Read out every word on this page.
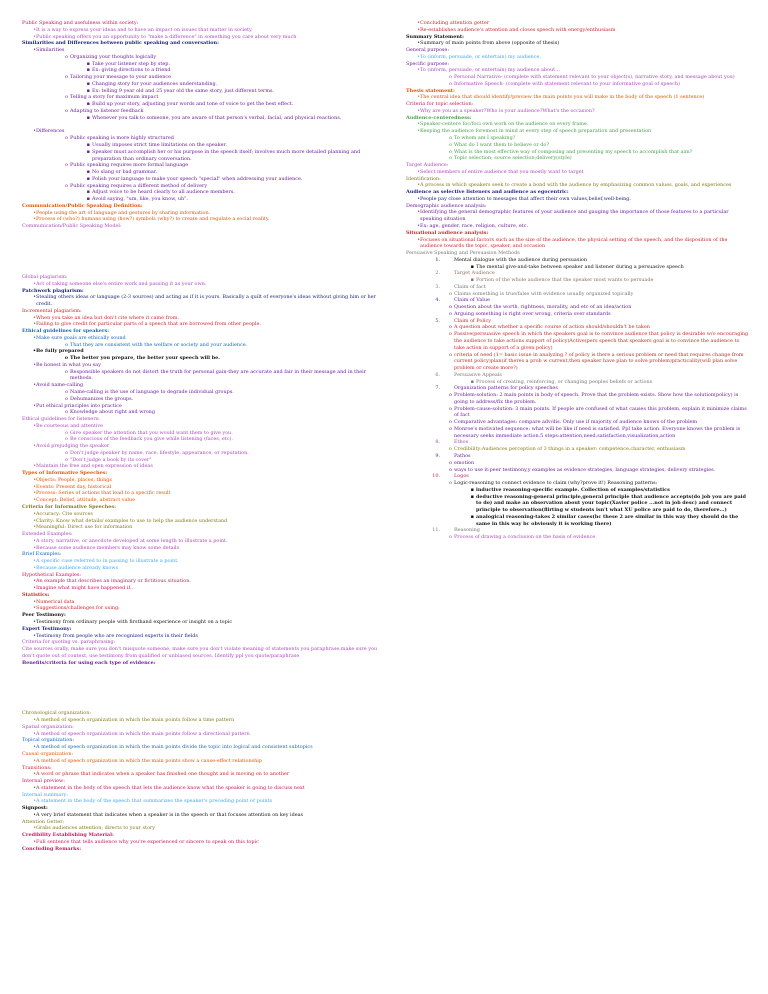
Public Speaking and usefulness within society:
• It is a way to express your ideas and to have an impact on issues that matter in society.
• Public speaking offers you an opportunity to "make a difference" in something you care about very much
Similarities and Differences between public speaking and conversation:
• Similarities
o Organizing your thoughts logically
▪ Take your listener step by step.
▪ Ex: giving directions to a friend
o Tailoring your message to your audience
▪ Changing story for your audiences understanding.
▪ Ex: telling 9 year old and 25 year old the same story, just different terms.
o Telling a story for maximum impact
▪ Build up your story, adjusting your words and tone of voice to get the best effect.
o Adapting to listener feedback
▪ Whenever you talk to someone, you are aware of that person's verbal, facial, and physical reactions.
• Differences
o Public speaking is more highly structured
▪ Usually imposes strict time limitations on the speaker.
▪ Speaker must accomplish her or his purpose in the speech itself; involves much more detailed planning and preparation than ordinary conversation.
o Public speaking requires more formal language
▪ No slang or bad grammar.
▪ Polish your language to make your speech "special" when addressing your audience.
o Public speaking requires a different method of delivery
▪ Adjust voice to be heard clearly to all audience members.
▪ Avoid saying, "um, like, you know, uh".
Communication/Public Speaking Definition:
• People using the art of language and gestures by sharing information.
• Process of (who?) humans using (how?) symbols (why?) to create and regulate a social reality.
Communication/Public Speaking Model:
Global plagiarism:
• Act of taking someone else's entire work and passing it as your own.
Patchwork plagiarism:
• Stealing others ideas or language (2-3 sources) and acting as if it is yours. Basically a quilt of everyone's ideas without giving him or her credit.
Incremental plagiarism:
• When you take an idea but don't cite where it came from.
• Failing to give credit for particular parts of a speech that are borrowed from other people.
Ethical guidelines for speakers:
• Make sure goals are ethically sound
o That they are consistent with the welfare or society and your audience.
• Be fully prepared
o The better you prepare, the better your speech will be.
• Be honest in what you say
o Responsible speakers do not distort the truth for personal gain-they are accurate and fair in their message and in their methods.
• Avoid name-calling
o Name-calling is the use of language to degrade individual groups.
o Dehumanizes the groups.
• Put ethical principles into practice
o Knowledge about right and wrong
Ethical guidelines for listeners:
• Be courteous and attentive
o Give speaker the attention that you would want them to give you.
o Be conscious of the feedback you give while listening (faces, etc).
• Avoid prejudging the speaker
o Don't judge speaker by name, race, lifestyle, appearance, or reputation.
o "Don't judge a book by its cover"
• Maintain the free and open expression of ideas
Types of Informative Speeches:
• Objects: People, places, things
• Events: Present day, historical
• Process: Series of actions that lead to a specific result
• Concept: Belief, attitude, abstract value
Criteria for Informative Speeches:
• Accuracy: Cite sources
• Clarity: Know what details/ examples to use to help the audience understand
• Meaningful: Direct use for information
Extended Examples:
• A story, narrative, or anecdote developed at some length to illustrate a point.
• Because some audience members may know some details
Brief Examples:
• A specific case referred to in passing to illustrate a point.
• Because audience already knows
Hypothetical Examples:
• An example that describes an imaginary or fictitious situation.
• Imagine what might have happened if…
Statistics:
• Numerical data
• Suggestions/challenges for using:
Peer Testimony:
• Testimony from ordinary people with firsthand experience or insight on a topic
Expert Testimony:
• Testimony from people who are recognized experts in their fields
Criteria for quoting vs. paraphrasing:
Cite sources orally, make sure you don't misquote someone, make sure you don't violate meaning of statements you paraphrase,make sure you don't quote out of context, use testimony from qualified or unbiased sources. Identify ppl you quote/paraphrase
Benefits/criteria for using each type of evidence:
Chronological organization:
• A method of speech organization in which the main points follow a time pattern
Spatial organization:
• A method of speech organization in which the main points follow a directional pattern
Topical organization:
• A method of speech organization in which the main points divide the topic into logical and consistent subtopics
Causal organization:
• A method of speech organization in which the main points show a cause-effect relationship
Transitions:
• A word or phrase that indicates when a speaker has finished one thought and is moving on to another
Internal preview:
• A statement in the body of the speech that lets the audience know what the speaker is going to discuss next
Internal summary:
• A statement in the body of the speech that summarizes the speaker's preceding point or points
Signpost:
• A very brief statement that indicates when a speaker is in the speech or that focuses attention on key ideas
Attention Getter:
• Grabs audiences attention; directs to your story
Credibility Establishing Material:
• Full sentence that tells audience why you're experienced or sincere to speak on this topic
Concluding Remarks:
• Concluding attention getter
• Re-establishes audience's attention and closes speech with energy/enthusiasm
Summary Statement:
• Summary of main points from above (opposite of thesis)
General purpose:
• To (inform, persuade, or entertain) my audience.
Specific purpose:
• To (inform, persuade, or entertain) my audience about…
o Personal Narrative- (complete with statement relevant to your object(s), narrative story, and message about you)
o Informative Speech- (complete with statement relevant to your informative goal of speech)
Thesis statement:
• The central idea that should identify/preview the main points you will make in the body of the speech (1 sentence)
Criteria for topic selection:
• Why are you as a speaker?Who is your audience?What's the occasion?
Audience-centeredness:
• Speaker-centere foc/foci own work on the audience on every frame.
• Keeping the audience foremost in mind at every step of speech preparation and presentation
o To whom am I speaking?
o What do I want them to believe or do?
o What is the most effective way of composing and presenting my speech to accomplish that aim?
o Topic selection; source selection;delivery(style)
Target Audience:
• Select members of entire audience that you mostly want to target
Identification:
• A process in which speakers seek to create a bond with the audience by emphasizing common values, goals, and experiences
Audience as selective listeners and audience as egocentric:
• People pay close attention to messages that affect their own values,belief,well-being.
Demographic audience analysis:
• Identifying the general demographic features of your audience and gauging the importance of those features to a particular speaking situation
• Ex: age, gender, race, religion, culture, etc.
Situational audience analysis:
• Focuses on situational factors such as the size of the audience, the physical setting of the speech, and the disposition of the audience towards the topic, speaker, and occasion
Persuasive Speaking and Persuasion Methods
1.	Mental dialogue with the audience during persuasion
▪ The mental give-and-take between speaker and listener during a persuasive speech
2.	Target Audience
▪ Portion of the whole audience that the speaker most wants to persuade
3.	Claim of fact
o Claims something is true/false with evidence usually organized topically
4.	Claim of Value
o Question about the worth, rightness, morality, and etc of an idea/action
o Arguing something is right over wrong, criteria over standards
5.	Claim of Policy
o A question about whether a specific course of action should/shouldn't be taken
o Passive(persuasive speech in which the speakers goal is to convince audience that policy is desirable w/o encouraging the audience to take actions support of policy)Active(pers speech that speakers goal is to convince the audience to take action in support of a given policy)
o criteria of need (1= basic issue in analyzing ? of policy is there a serious problem or need that requires change from current policy)plan(if theres a prob w current,then speaker have plan to solve problem)practicality(will plan solve problem or create more?)
6.	Persuasive Appeals
▪ Process of creating, reinforcing, or changing peoples beliefs or actions
7.	Organization patterns for policy speeches
o Problem-solution: 2 main points in body of speech. Prove that the problem exists. Show how the solution(policy) is going to address/fix the problem.
o Problem-cause-solution: 3 main points. If people are confused of what causes this problem, explain it minimize claims of fact
o Comparative advantages: compare adv/dis. Only use if majority of audience knows of the problem
o Monroe's motivated sequence: what will be like if need is satisfied. Ppl take action. Everyone knows the problem is necessary seeks immediate action.5 steps:attention,need,satisfaction,visualization,action
8.	Ethos
o Credibility:Audiences perception of 3 things in a speaker: competence,character, enthusiasm
9.	Pathos
o emotion
o ways to use it:peer testimony,y examples as evidence strategies, language strategies, delivery strategies.
10.	Logos
o Logic-reasoning to connect evidence to claim (why?prove it!) Reasoning patterns:
▪ inductive reasoning-specific example. Collection of examples/statistics
▪ deductive reasoning-general principle,general principle that audience accepts(do job you are paid to do) and make an observation about your topic(Xavier police ...not in job desc) and connect principle to observation(flirting w students isn't what XU police are paid to do, therefore…)
▪ analogical reasoning-takes 2 similar cases(hc these 2 are similar in this way they should do the same in this way bc obviously it is working there)
11.	Reasoning
o Process of drawing a conclusion on the basis of evidence
